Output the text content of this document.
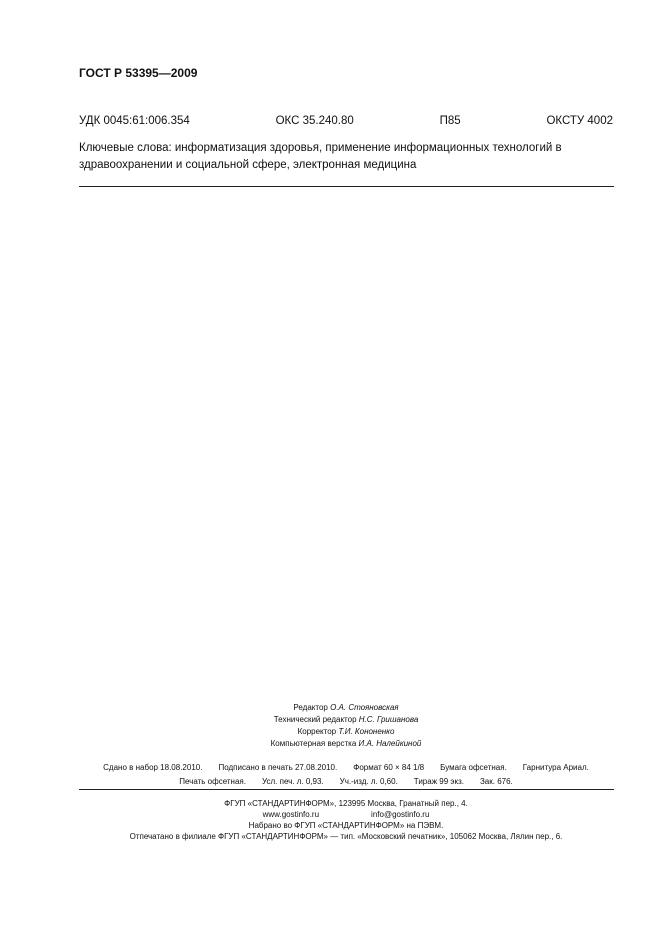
ГОСТ Р 53395—2009
УДК 0045:61:006.354	ОКС 35.240.80	П85	ОКСТУ 4002
Ключевые слова: информатизация здоровья, применение информационных технологий в здравоохранении и социальной сфере, электронная медицина
Редактор О.А. Стояновская
Технический редактор Н.С. Гришанова
Корректор Т.И. Кононенко
Компьютерная верстка И.А. Налейкиной
Сдано в набор 18.08.2010. Подписано в печать 27.08.2010. Формат 60 × 84 1/8 Бумага офсетная. Гарнитура Ариал.
Печать офсетная. Усл. печ. л. 0,93. Уч.-изд. л. 0,60. Тираж 99 экз. Зак. 676.
ФГУП «СТАНДАРТИНФОРМ», 123995 Москва, Гранатный пер., 4.
www.gostinfo.ru	info@gostinfo.ru
Набрано во ФГУП «СТАНДАРТИНФОРМ» на ПЭВМ.
Отпечатано в филиале ФГУП «СТАНДАРТИНФОРМ» — тип. «Московский печатник», 105062 Москва, Лялин пер., 6.
